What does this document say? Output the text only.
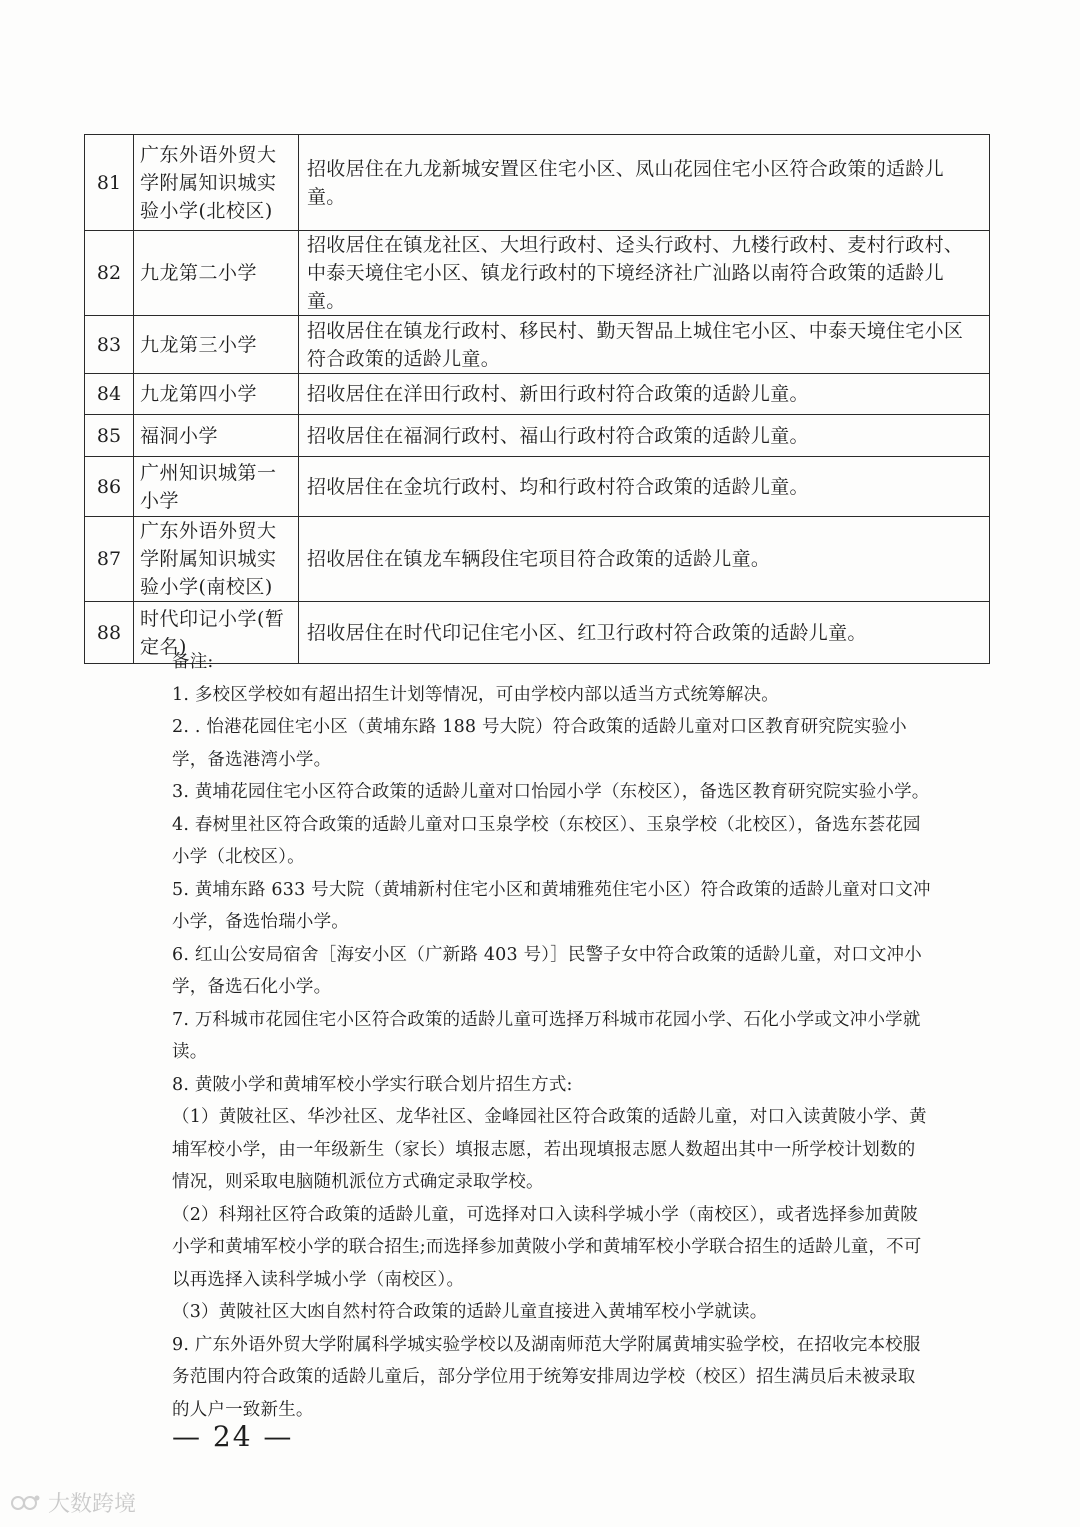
81	广东外语外贸大学附属知识城实验小学(北校区)	招收居住在九龙新城安置区住宅小区、凤山花园住宅小区符合政策的适龄儿童。
82	九龙第二小学	招收居住在镇龙社区、大坦行政村、迳头行政村、九楼行政村、麦村行政村、中泰天境住宅小区、镇龙行政村的下境经济社广汕路以南符合政策的适龄儿童。
83	九龙第三小学	招收居住在镇龙行政村、移民村、勤天智品上城住宅小区、中泰天境住宅小区符合政策的适龄儿童。
84	九龙第四小学	招收居住在洋田行政村、新田行政村符合政策的适龄儿童。
85	福洞小学	招收居住在福洞行政村、福山行政村符合政策的适龄儿童。
86	广州知识城第一小学	招收居住在金坑行政村、均和行政村符合政策的适龄儿童。
87	广东外语外贸大学附属知识城实验小学(南校区)	招收居住在镇龙车辆段住宅项目符合政策的适龄儿童。
88	时代印记小学(暂定名)	招收居住在时代印记住宅小区、红卫行政村符合政策的适龄儿童。

备注:

1. 多校区学校如有超出招生计划等情况，可由学校内部以适当方式统筹解决。

2. . 怡港花园住宅小区（黄埔东路 188 号大院）符合政策的适龄儿童对口区教育研究院实验小学，备选港湾小学。

3. 黄埔花园住宅小区符合政策的适龄儿童对口怡园小学（东校区），备选区教育研究院实验小学。

4. 春树里社区符合政策的适龄儿童对口玉泉学校（东校区）、玉泉学校（北校区），备选东荟花园小学（北校区）。

5. 黄埔东路 633 号大院（黄埔新村住宅小区和黄埔雅苑住宅小区）符合政策的适龄儿童对口文冲小学，备选怡瑞小学。

6. 红山公安局宿舍［海安小区（广新路 403 号）］民警子女中符合政策的适龄儿童，对口文冲小学，备选石化小学。

7. 万科城市花园住宅小区符合政策的适龄儿童可选择万科城市花园小学、石化小学或文冲小学就读。

8. 黄陂小学和黄埔军校小学实行联合划片招生方式:

（1）黄陂社区、华沙社区、龙华社区、金峰园社区符合政策的适龄儿童，对口入读黄陂小学、黄埔军校小学，由一年级新生（家长）填报志愿，若出现填报志愿人数超出其中一所学校计划数的情况，则采取电脑随机派位方式确定录取学校。

（2）科翔社区符合政策的适龄儿童，可选择对口入读科学城小学（南校区），或者选择参加黄陂小学和黄埔军校小学的联合招生;而选择参加黄陂小学和黄埔军校小学联合招生的适龄儿童，不可以再选择入读科学城小学（南校区）。

（3）黄陂社区大凼自然村符合政策的适龄儿童直接进入黄埔军校小学就读。

9. 广东外语外贸大学附属科学城实验学校以及湖南师范大学附属黄埔实验学校，在招收完本校服务范围内符合政策的适龄儿童后，部分学位用于统筹安排周边学校（校区）招生满员后未被录取的人户一致新生。

— 24 —
大数跨境
